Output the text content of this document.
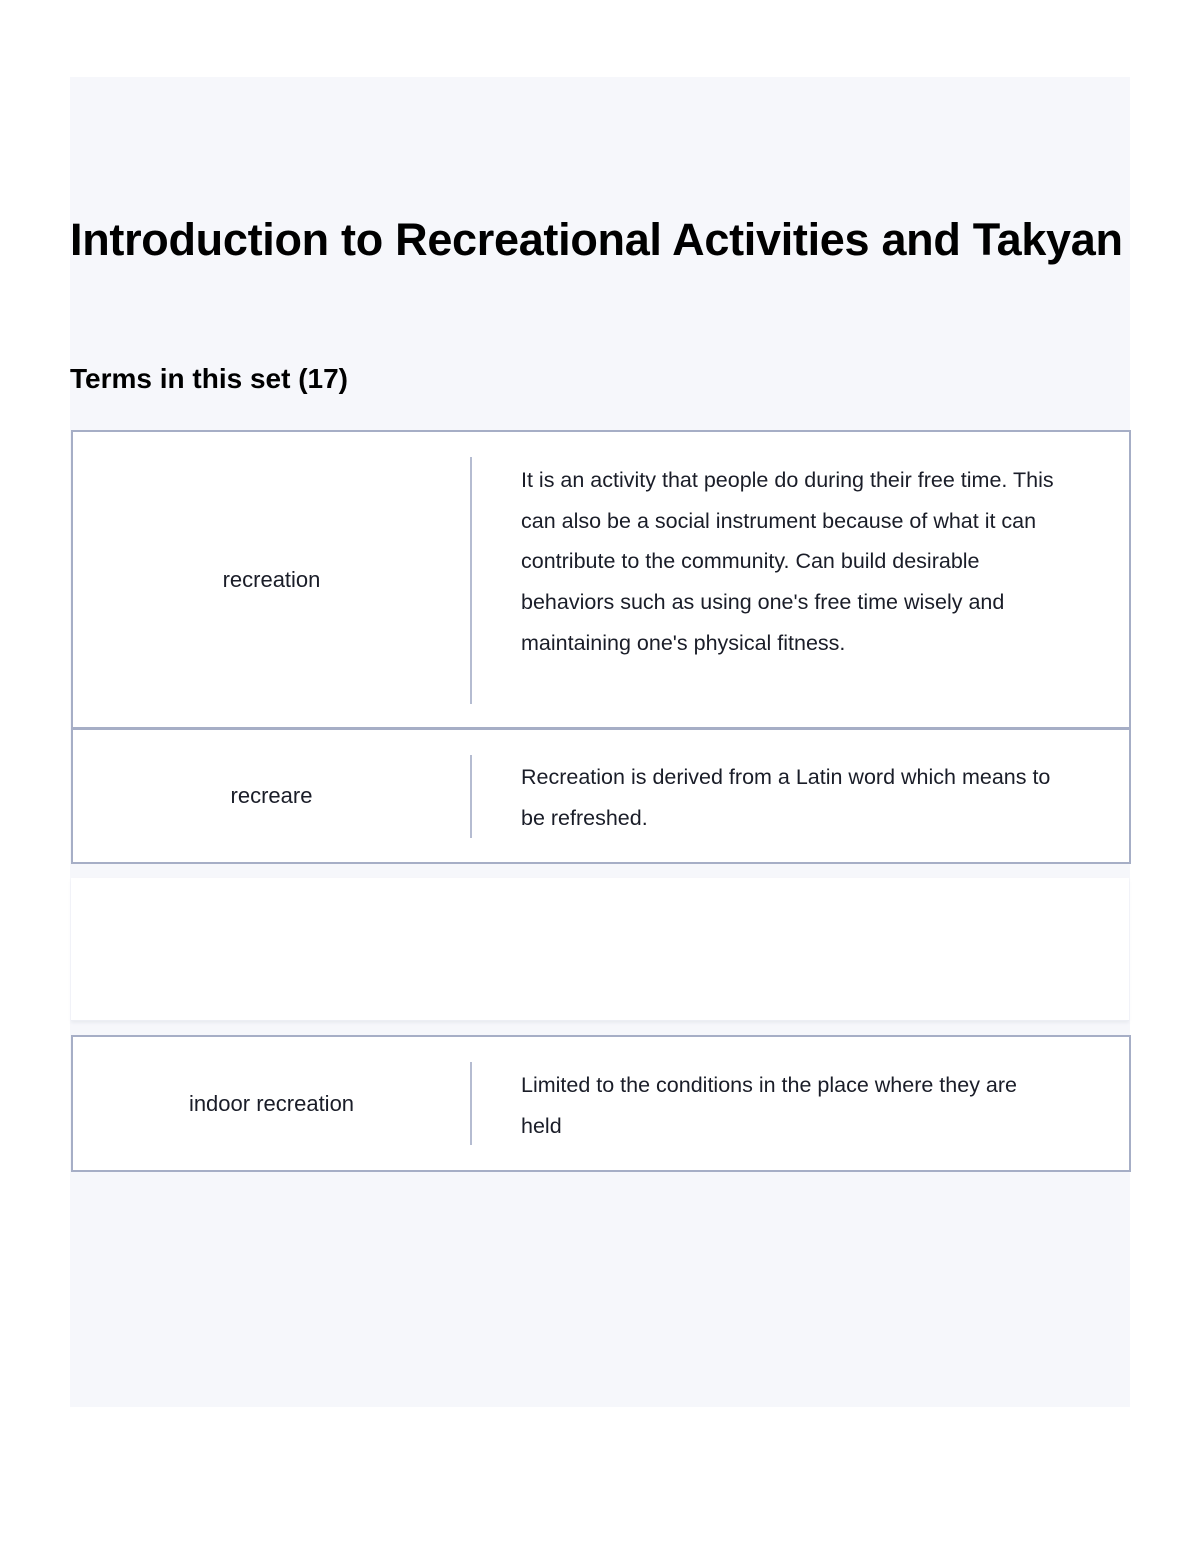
Introduction to Recreational Activities and Takyan
Terms in this set (17)
recreation
It is an activity that people do during their free time. This can also be a social instrument because of what it can contribute to the community. Can build desirable behaviors such as using one's free time wisely and maintaining one's physical fitness.
recreare
Recreation is derived from a Latin word which means to be refreshed.
indoor recreation
Limited to the conditions in the place where they are held
